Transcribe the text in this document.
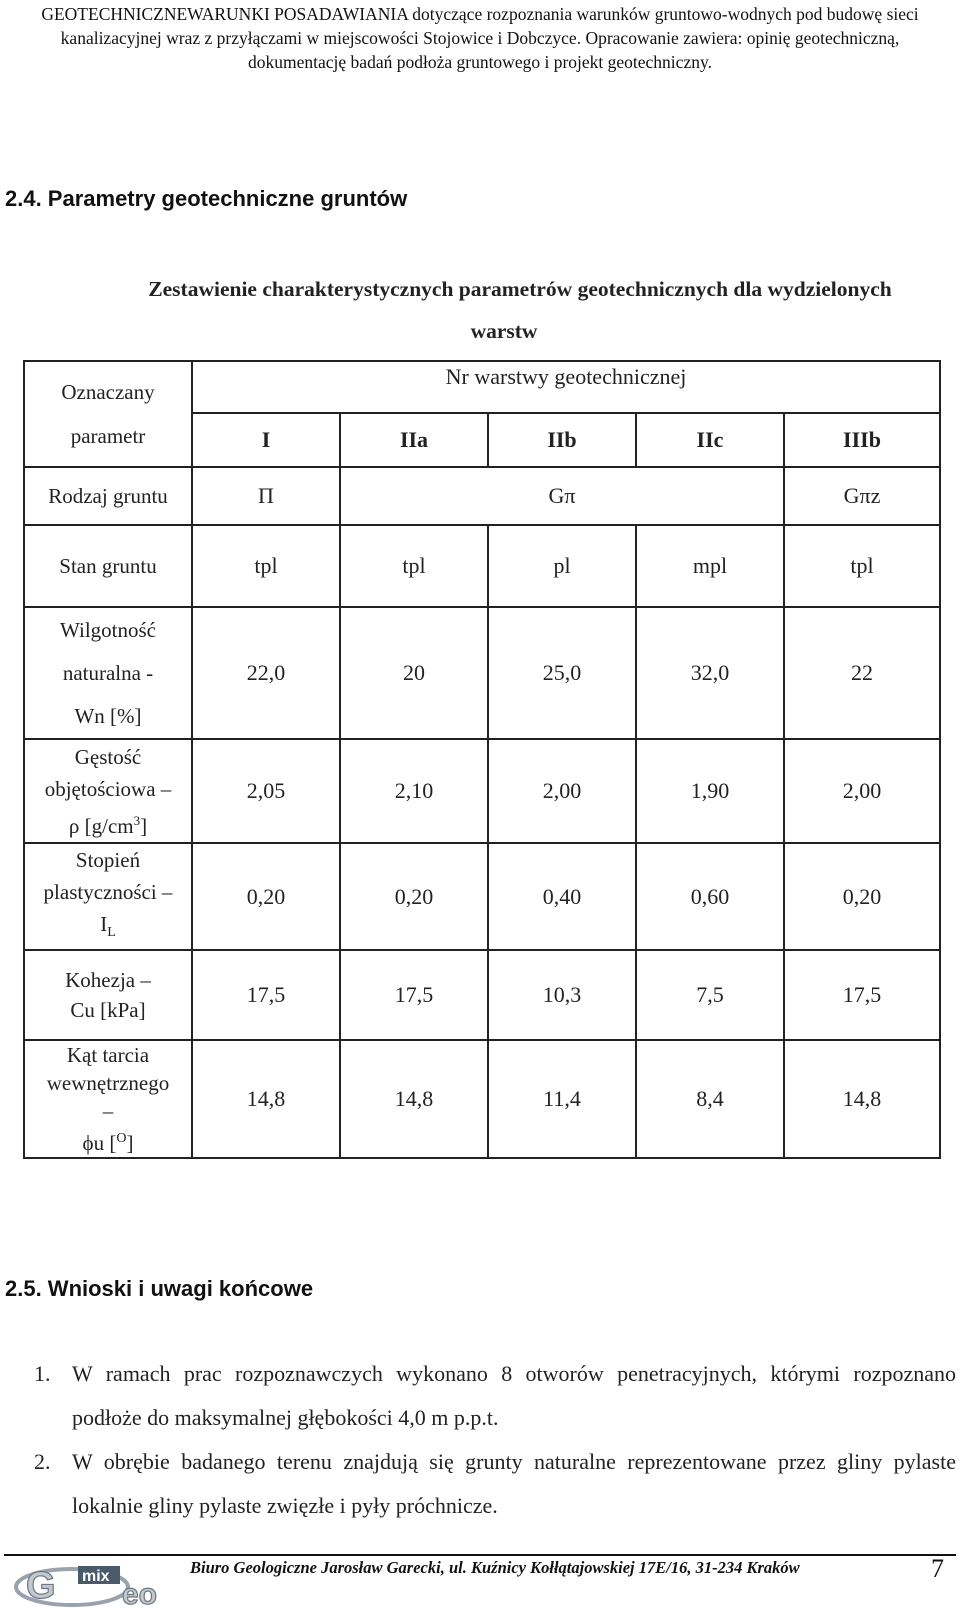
GEOTECHNICZNEWARUNKI POSADAWIANIA dotyczące rozpoznania warunków gruntowo-wodnych pod budowę sieci
kanalizacyjnej wraz z przyłączami w miejscowości Stojowice i Dobczyce. Opracowanie zawiera: opinię geotechniczną,
dokumentację badań podłoża gruntowego i projekt geotechniczny.
2.4. Parametry geotechniczne gruntów
Zestawienie charakterystycznych parametrów geotechnicznych dla wydzielonych
warstw
Oznaczany
parametr	Nr warstwy geotechnicznej				
	I	IIa	IIb	IIc	IIIb
Rodzaj gruntu	Π	Gπ			Gπz
Stan gruntu	tpl	tpl	pl	mpl	tpl

Wilgotność
naturalna -
Wn [%]	22,0	20	25,0	32,0	22

Gęstość
objętościowa –
ρ $[g/cm^3]$	2,05	2,10	2,00	1,90	2,00

Stopień
plastyczności –
$I_L$	0,20	0,20	0,40	0,60	0,20

Kohezja –
Cu [kPa]	17,5	17,5	10,3	7,5	17,5

Kąt tarcia
wewnętrznego
–
ϕu [$^O$]	14,8	14,8	11,4	8,4	14,8
2.5. Wnioski i uwagi końcowe
1. W ramach prac rozpoznawczych wykonano 8 otworów penetracyjnych, którymi rozpoznano podłoże do maksymalnej głębokości 4,0 m p.p.t.
2. W obrębie badanego terenu znajdują się grunty naturalne reprezentowane przez gliny pylaste lokalnie gliny pylaste zwięzłe i pyły próchnicze.
G mix
eo
Biuro Geologiczne Jarosław Garecki, ul. Kuźnicy Kołłątajowskiej 17E/16, 31-234 Kraków	7
